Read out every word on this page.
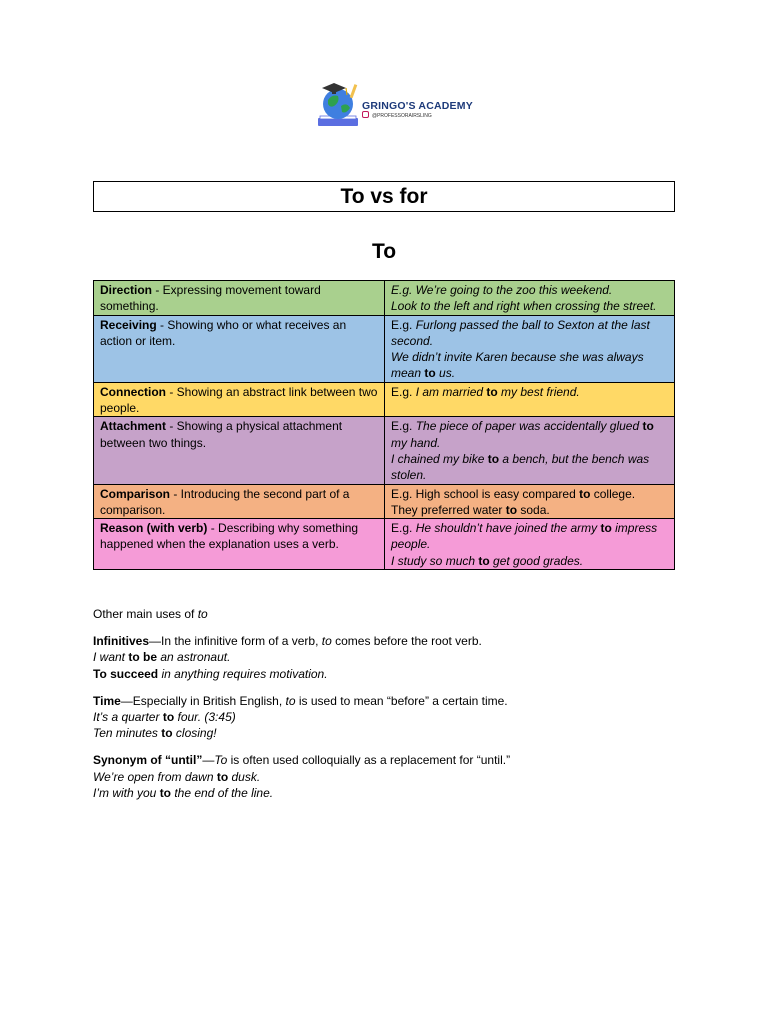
GRINGO'S ACADEMY
@PROFESSORAIRSLING
To vs for
To
Direction - Expressing movement toward something.	E.g. We’re going to the zoo this weekend.
Look to the left and right when crossing the street.

Receiving - Showing who or what receives an action or item.	E.g. Furlong passed the ball to Sexton at the last second.
We didn’t invite Karen because she was always mean to us.

Connection - Showing an abstract link between two people.	E.g. I am married to my best friend.

Attachment - Showing a physical attachment between two things.	E.g. The piece of paper was accidentally glued to my hand.
I chained my bike to a bench, but the bench was stolen.

Comparison - Introducing the second part of a comparison.	E.g. High school is easy compared to college.
They preferred water to soda.

Reason (with verb) - Describing why something happened when the explanation uses a verb.	E.g. He shouldn’t have joined the army to impress people.
I study so much to get good grades.

Other main uses of to

Infinitives—In the infinitive form of a verb, to comes before the root verb.
I want to be an astronaut.
To succeed in anything requires motivation.

Time—Especially in British English, to is used to mean “before” a certain time.
It’s a quarter to four. (3:45)
Ten minutes to closing!

Synonym of “until”—To is often used colloquially as a replacement for “until.”
We’re open from dawn to dusk.
I’m with you to the end of the line.
